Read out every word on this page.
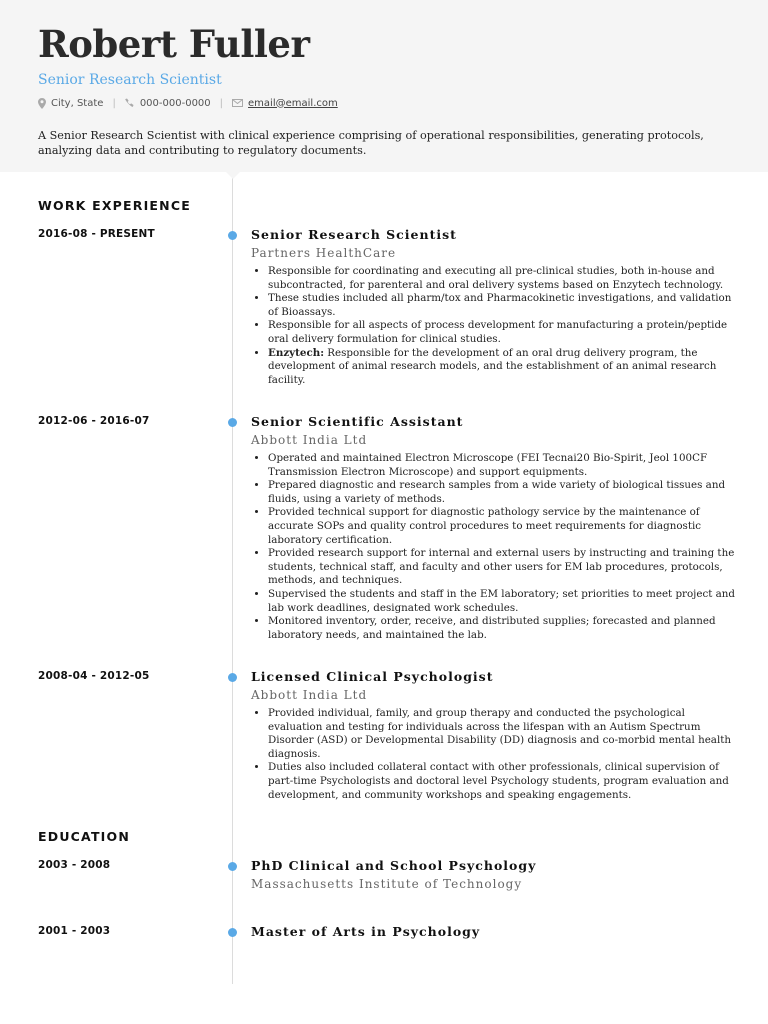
Robert Fuller
Senior Research Scientist
City, State | 000-000-0000 |	email@email.com
A Senior Research Scientist with clinical experience comprising of operational responsibilities, generating protocols, analyzing data and contributing to regulatory documents.
WORK EXPERIENCE
2016-08 - PRESENT	Senior Research Scientist
Partners HealthCare
• Responsible for coordinating and executing all pre-clinical studies, both in-house and subcontracted, for parenteral and oral delivery systems based on Enzytech technology.
• These studies included all pharm/tox and Pharmacokinetic investigations, and validation of Bioassays.
• Responsible for all aspects of process development for manufacturing a protein/peptide oral delivery formulation for clinical studies.
• Enzytech: Responsible for the development of an oral drug delivery program, the development of animal research models, and the establishment of an animal research facility.
2012-06 - 2016-07	Senior Scientific Assistant
Abbott India Ltd
• Operated and maintained Electron Microscope (FEI Tecnai20 Bio-Spirit, Jeol 100CF Transmission Electron Microscope) and support equipments.
• Prepared diagnostic and research samples from a wide variety of biological tissues and fluids, using a variety of methods.
• Provided technical support for diagnostic pathology service by the maintenance of accurate SOPs and quality control procedures to meet requirements for diagnostic laboratory certification.
• Provided research support for internal and external users by instructing and training the students, technical staff, and faculty and other users for EM lab procedures, protocols, methods, and techniques.
• Supervised the students and staff in the EM laboratory; set priorities to meet project and lab work deadlines, designated work schedules.
• Monitored inventory, order, receive, and distributed supplies; forecasted and planned laboratory needs, and maintained the lab.
2008-04 - 2012-05	Licensed Clinical Psychologist
Abbott India Ltd
• Provided individual, family, and group therapy and conducted the psychological evaluation and testing for individuals across the lifespan with an Autism Spectrum Disorder (ASD) or Developmental Disability (DD) diagnosis and co-morbid mental health diagnosis.
• Duties also included collateral contact with other professionals, clinical supervision of part-time Psychologists and doctoral level Psychology students, program evaluation and development, and community workshops and speaking engagements.
EDUCATION
2003 - 2008	PhD Clinical and School Psychology
Massachusetts Institute of Technology
2001 - 2003	Master of Arts in Psychology
